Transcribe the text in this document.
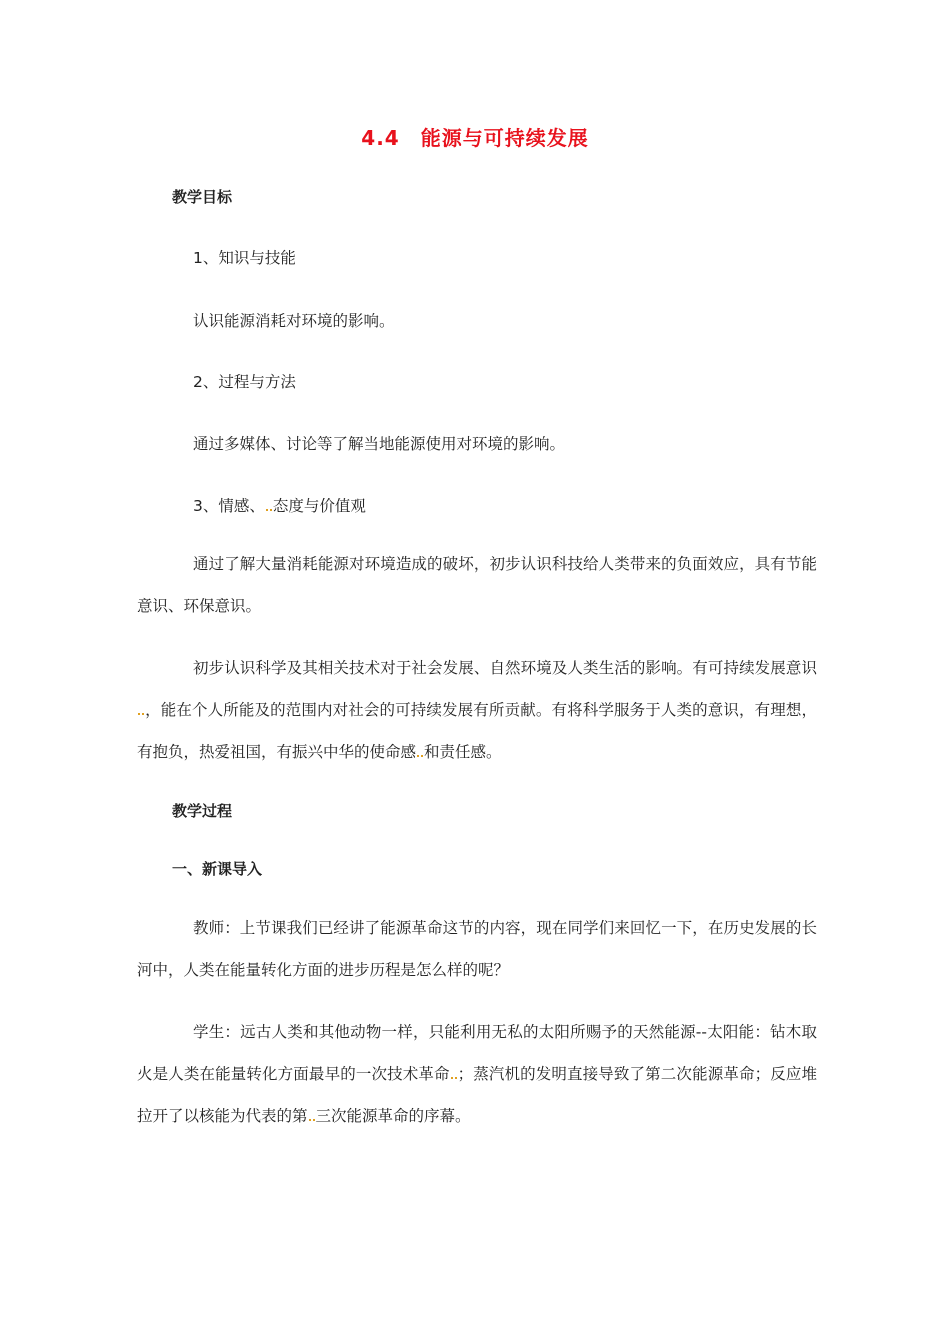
4.4　能源与可持续发展
教学目标
1、知识与技能
认识能源消耗对环境的影响。
2、过程与方法
通过多媒体、讨论等了解当地能源使用对环境的影响。
3、情感、 态度与价值观
通过了解大量消耗能源对环境造成的破坏，初步认识科技给人类带来的负面效应，具有节能意识、环保意识。
初步认识科学及其相关技术对于社会发展、自然环境及人类生活的影响。有可持续发展意识，能在个人所能及的范围内对社会的可持续发展有所贡献。有将科学服务于人类的意识，有理想，有抱负，热爱祖国，有振兴中华的使命感 和责任感。
教学过程
一、新课导入
教师：上节课我们已经讲了能源革命这节的内容，现在同学们来回忆一下，在历史发展的长河中，人类在能量转化方面的进步历程是怎么样的呢？
学生：远古人类和其他动物一样，只能利用无私的太阳所赐予的天然能源--太阳能：钻木取火是人类在能量转化方面最早的一次技术革命 ；蒸汽机的发明直接导致了第二次能源革命；反应堆拉开了以核能为代表的第 三次能源革命的序幕。
